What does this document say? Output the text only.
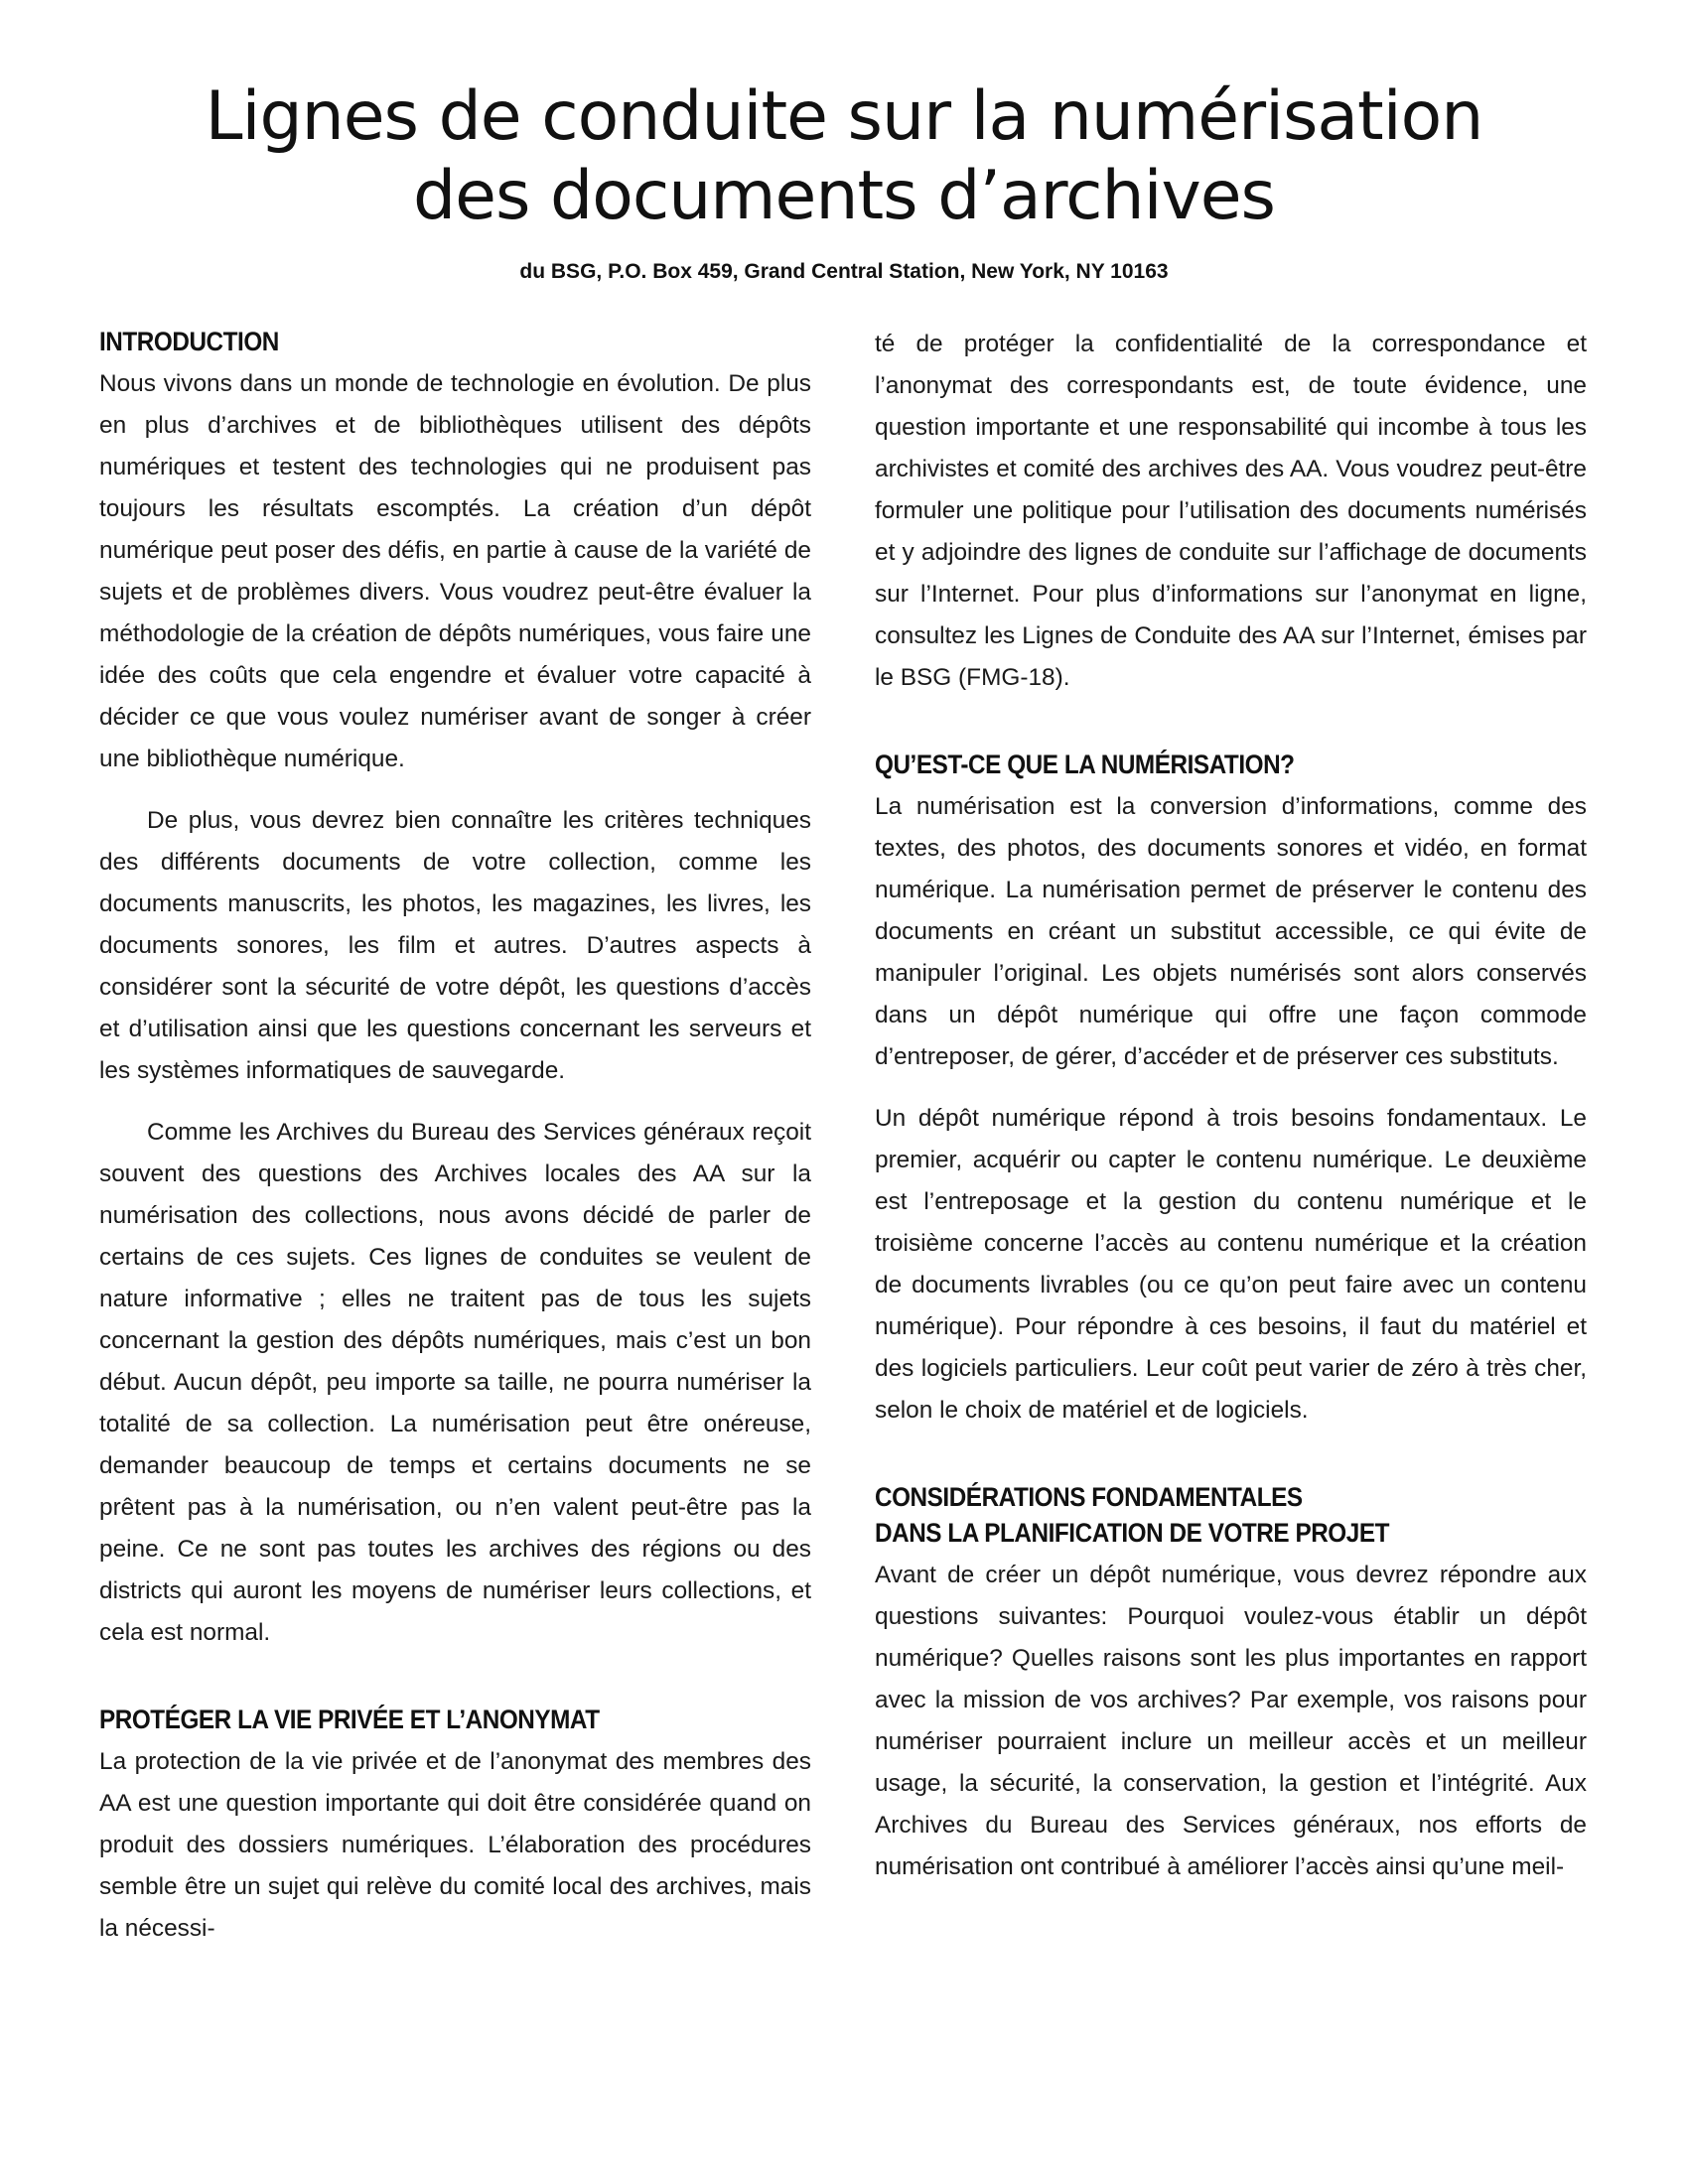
Lignes de conduite sur la numérisation
des documents d’archives
du BSG, P.O. Box 459, Grand Central Station, New York, NY 10163
INTRODUCTION

Nous vivons dans un monde de technologie en évolution. De plus en plus d’archives et de bibliothèques utilisent des dépôts numériques et testent des technologies qui ne produisent pas toujours les résultats escomptés. La création d’un dépôt numérique peut poser des défis, en partie à cause de la variété de sujets et de problèmes divers. Vous voudrez peut-être évaluer la méthodologie de la création de dépôts numériques, vous faire une idée des coûts que cela engendre et évaluer votre capacité à décider ce que vous voulez numériser avant de songer à créer une bibliothèque numérique.

De plus, vous devrez bien connaître les critères techniques des différents documents de votre collection, comme les documents manuscrits, les photos, les magazines, les livres, les documents sonores, les film et autres. D’autres aspects à considérer sont la sécurité de votre dépôt, les questions d’accès et d’utilisation ainsi que les questions concernant les serveurs et les systèmes informatiques de sauvegarde.

Comme les Archives du Bureau des Services généraux reçoit souvent des questions des Archives locales des AA sur la numérisation des collections, nous avons décidé de parler de certains de ces sujets. Ces lignes de conduites se veulent de nature informative ; elles ne traitent pas de tous les sujets concernant la gestion des dépôts numériques, mais c’est un bon début. Aucun dépôt, peu importe sa taille, ne pourra numériser la totalité de sa collection. La numérisation peut être onéreuse, demander beaucoup de temps et certains documents ne se prêtent pas à la numérisation, ou n’en valent peut-être pas la peine. Ce ne sont pas toutes les archives des régions ou des districts qui auront les moyens de numériser leurs collections, et cela est normal.

PROTÉGER LA VIE PRIVÉE ET L’ANONYMAT

La protection de la vie privée et de l’anonymat des membres des AA est une question importante qui doit être considérée quand on produit des dossiers numériques. L’élaboration des procédures semble être un sujet qui relève du comité local des archives, mais la nécessi-

té de protéger la confidentialité de la correspondance et l’anonymat des correspondants est, de toute évidence, une question importante et une responsabilité qui incombe à tous les archivistes et comité des archives des AA. Vous voudrez peut-être formuler une politique pour l’utilisation des documents numérisés et y adjoindre des lignes de conduite sur l’affichage de documents sur l’Internet. Pour plus d’informations sur l’anonymat en ligne, consultez les Lignes de Conduite des AA sur l’Internet, émises par le BSG (FMG-18).

QU’EST-CE QUE LA NUMÉRISATION?

La numérisation est la conversion d’informations, comme des textes, des photos, des documents sonores et vidéo, en format numérique. La numérisation permet de préserver le contenu des documents en créant un substitut accessible, ce qui évite de manipuler l’original. Les objets numérisés sont alors conservés dans un dépôt numérique qui offre une façon commode d’entreposer, de gérer, d’accéder et de préserver ces substituts.

Un dépôt numérique répond à trois besoins fondamentaux. Le premier, acquérir ou capter le contenu numérique. Le deuxième est l’entreposage et la gestion du contenu numérique et le troisième concerne l’accès au contenu numérique et la création de documents livrables (ou ce qu’on peut faire avec un contenu numérique). Pour répondre à ces besoins, il faut du matériel et des logiciels particuliers. Leur coût peut varier de zéro à très cher, selon le choix de matériel et de logiciels.

CONSIDÉRATIONS FONDAMENTALES
DANS LA PLANIFICATION DE VOTRE PROJET

Avant de créer un dépôt numérique, vous devrez répondre aux questions suivantes: Pourquoi voulez-vous établir un dépôt numérique? Quelles raisons sont les plus importantes en rapport avec la mission de vos archives? Par exemple, vos raisons pour numériser pourraient inclure un meilleur accès et un meilleur usage, la sécurité, la conservation, la gestion et l’intégrité. Aux Archives du Bureau des Services généraux, nos efforts de numérisation ont contribué à améliorer l’accès ainsi qu’une meil-
